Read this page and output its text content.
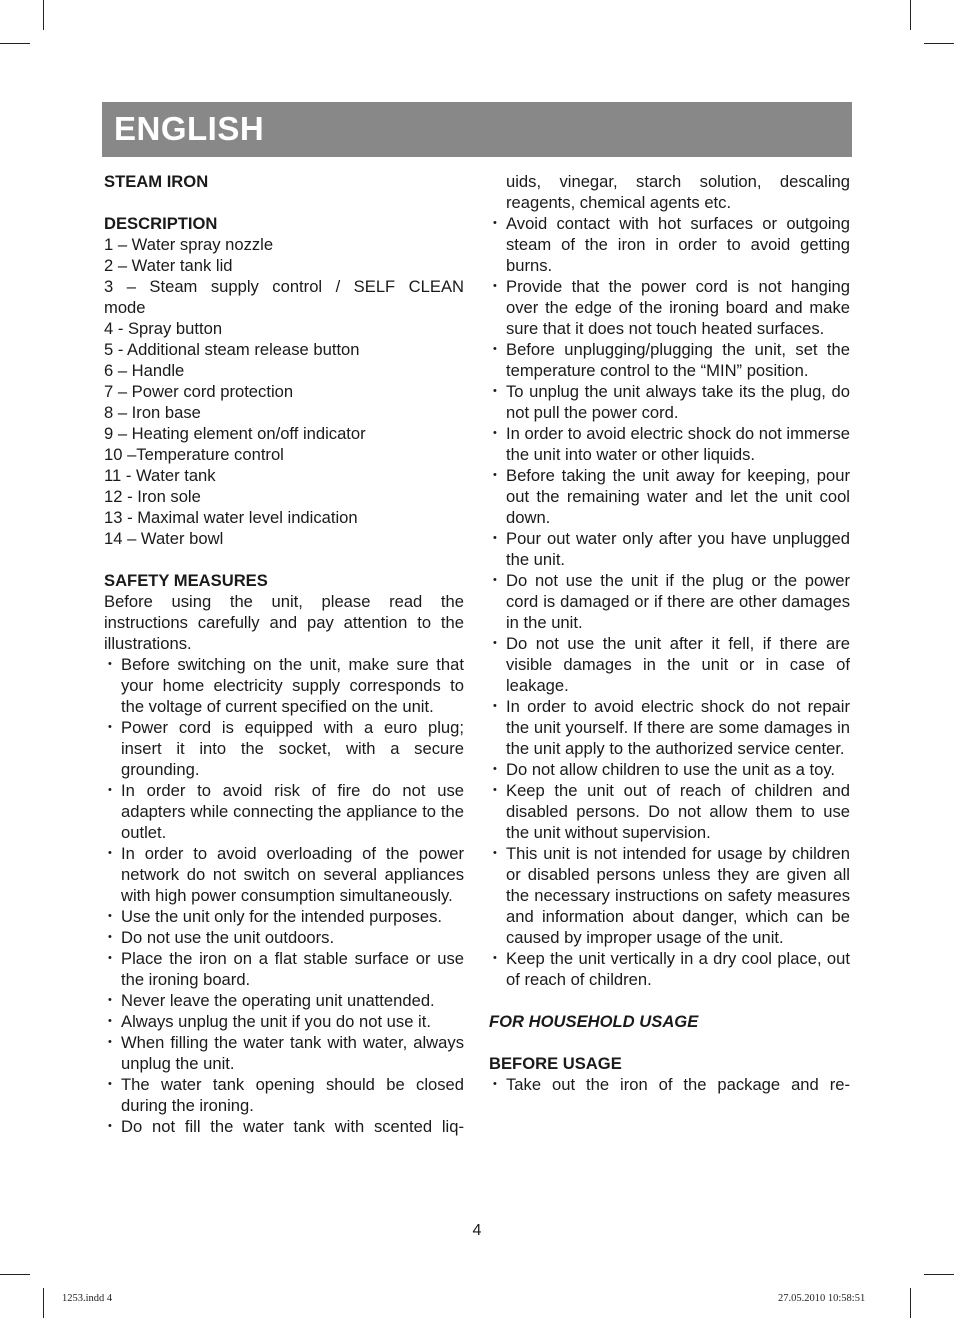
ENGLISH

STEAM IRON

DESCRIPTION

1 – Water spray nozzle

2 – Water tank lid

3 – Steam supply control / SELF CLEAN mode

4 - Spray button

5 - Additional steam release button

6 – Handle

7 – Power cord protection

8 – Iron base

9 – Heating element on/off indicator

10 –Temperature control

11 - Water tank

12 - Iron sole

13 - Maximal water level indication

14 – Water bowl

SAFETY MEASURES

Before using the unit, please read the instructions carefully and pay attention to the illustrations.

• Before switching on the unit, make sure that your home electricity supply corresponds to the voltage of current specified on the unit.
• Power cord is equipped with a euro plug; insert it into the socket, with a secure grounding.
• In order to avoid risk of fire do not use adapters while connecting the appliance to the outlet.
• In order to avoid overloading of the power network do not switch on several appliances with high power consumption simultaneously.
• Use the unit only for the intended purposes.
• Do not use the unit outdoors.
• Place the iron on a flat stable surface or use the ironing board.
• Never leave the operating unit unattended.
• Always unplug the unit if you do not use it.
• When filling the water tank with water, always unplug the unit.
• The water tank opening should be closed during the ironing.
• Do not fill the water tank with scented liq-

uids, vinegar, starch solution, descaling reagents, chemical agents etc.

• Avoid contact with hot surfaces or outgoing steam of the iron in order to avoid getting burns.
• Provide that the power cord is not hanging over the edge of the ironing board and make sure that it does not touch heated surfaces.
• Before unplugging/plugging the unit, set the temperature control to the “MIN” position.
• To unplug the unit always take its the plug, do not pull the power cord.
• In order to avoid electric shock do not immerse the unit into water or other liquids.
• Before taking the unit away for keeping, pour out the remaining water and let the unit cool down.
• Pour out water only after you have unplugged the unit.
• Do not use the unit if the plug or the power cord is damaged or if there are other damages in the unit.
• Do not use the unit after it fell, if there are visible damages in the unit or in case of leakage.
• In order to avoid electric shock do not repair the unit yourself. If there are some damages in the unit apply to the authorized service center.
• Do not allow children to use the unit as a toy.
• Keep the unit out of reach of children and disabled persons. Do not allow them to use the unit without supervision.
• This unit is not intended for usage by children or disabled persons unless they are given all the necessary instructions on safety measures and information about danger, which can be caused by improper usage of the unit.
• Keep the unit vertically in a dry cool place, out of reach of children.

FOR HOUSEHOLD USAGE

BEFORE USAGE

• Take out the iron of the package and re-
4
1253.indd 4	27.05.2010 10:58:51
